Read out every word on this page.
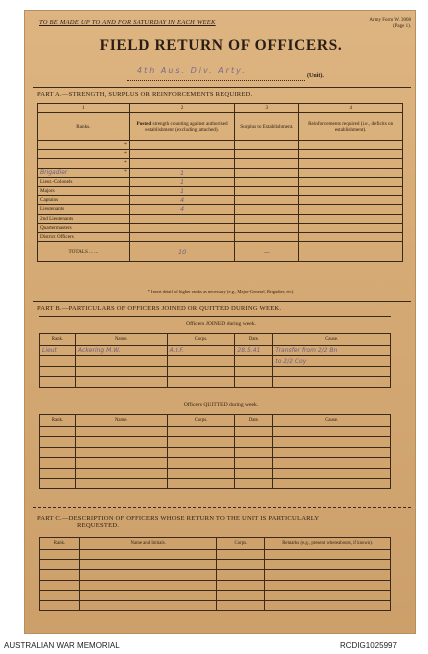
TO BE MADE UP TO AND FOR SATURDAY IN EACH WEEK	Army Form W. 3008
(Page 1).
FIELD RETURN OF OFFICERS.
4th Aus. Div. Arty.
(Unit).
PART A.—STRENGTH, SURPLUS OR REINFORCEMENTS REQUIRED.
1	2	3	4
Ranks.	Posted strength counting against authorised establishment (excluding attached).	Surplus to Establishment.	Reinforcements required (i.e., deficits on establishment).

*			

*			

*			

Brigadier *	1		
Lieut.-Colonels	1		
Majors	1		
Captains	4		
Lieutenants	4		
2nd Lieutenants			
Quartermasters			
District Officers			
TOTALS ... ...	10	—	
* Insert detail of higher ranks as necessary (e.g., Major-General, Brigadier, etc).
PART B.—PARTICULARS OF OFFICERS JOINED OR QUITTED DURING WEEK.
Officers JOINED during week.
Rank.	Name.	Corps.	Date.	Cause.
Lieut	Ackering M.W.	A.I.F.	28.5.41	Transfer from 2/2 Bn
				to 2/2 Coy

Officers QUITTED during week.
Rank.	Name.	Corps.	Date.	Cause.

PART C.—DESCRIPTION OF OFFICERS WHOSE RETURN TO THE UNIT IS PARTICULARLY
REQUESTED.
Rank.	Name and Initials.	Corps.	Remarks (e.g., present whereabouts, if known).

AUSTRALIAN WAR MEMORIAL	RCDIG1025997
